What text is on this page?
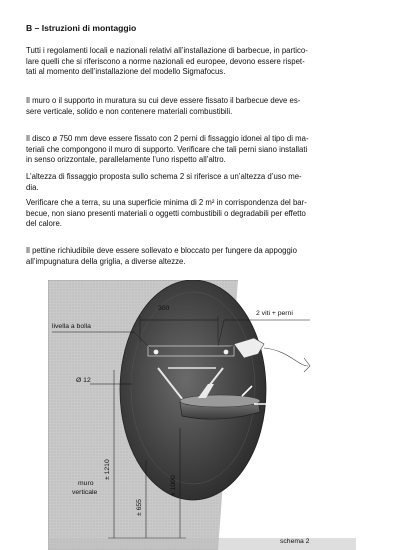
B – Istruzioni di montaggio

Tutti i regolamenti locali e nazionali relativi all’installazione di barbecue, in partico-
lare quelli che si riferiscono a norme nazionali ed europee, devono essere rispet-
tati al momento dell’installazione del modello Sigmafocus.

Il muro o il supporto in muratura su cui deve essere fissato il barbecue deve es-
sere verticale, solido e non contenere materiali combustibili.

Il disco ø 750 mm deve essere fissato con 2 perni di fissaggio idonei al tipo di ma-
teriali che compongono il muro di supporto. Verificare che tali perni siano installati
in senso orizzontale, parallelamente l’uno rispetto all’altro.

L’altezza di fissaggio proposta sullo schema 2 si riferisce a un’altezza d’uso me-
dia.

Verificare che a terra, su una superficie minima di 2 m² in corrispondenza del bar-
becue, non siano presenti materiali o oggetti combustibili o degradabili per effetto
del calore.

Il pettine richiudibile deve essere sollevato e bloccato per fungere da appoggio
all’impugnatura della griglia, a diverse altezze.

300
2 viti + perni
livella a bolla
Ø 12
± 1210
± 655
± 1000
muro
verticale
schema 2
